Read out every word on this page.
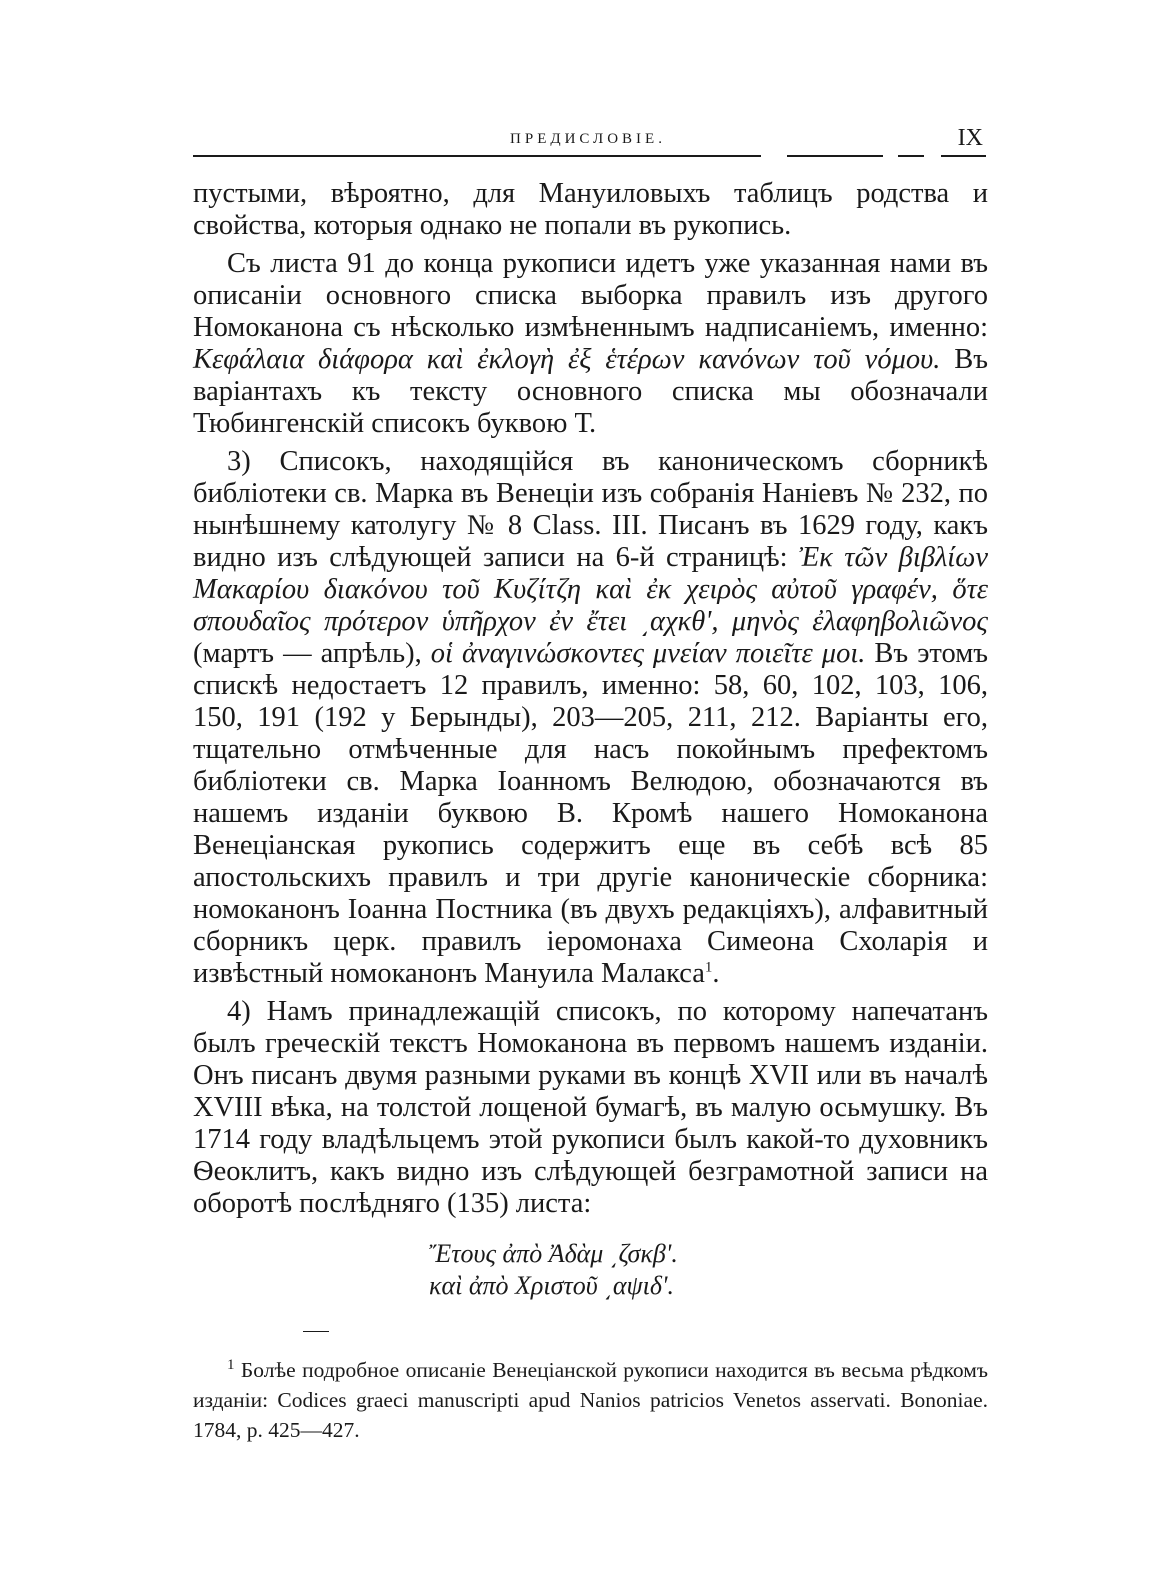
ПРЕДИСЛОВІЕ.	IX

пустыми, вѣроятно, для Мануиловыхъ таблицъ родства и свойства, которыя однако не попали въ рукопись.

Съ листа 91 до конца рукописи идетъ уже указанная нами въ описаніи основного списка выборка правилъ изъ другого Номоканона съ нѣсколько измѣненнымъ надписаніемъ, именно: Κεφάλαια διάφορα καὶ ἐκλογὴ ἐξ ἑτέρων κανόνων τοῦ νόμου. Въ варіантахъ къ тексту основного списка мы обозначали Тюбингенскій списокъ буквою Т.

3) Списокъ, находящійся въ каноническомъ сборникѣ библіотеки св. Марка въ Венеціи изъ собранія Наніевъ № 232, по нынѣшнему католугу № 8 Class. III. Писанъ въ 1629 году, какъ видно изъ слѣдующей записи на 6-й страницѣ: Ἐκ τῶν βιβλίων Μακαρίου διακόνου τοῦ Κυζίτζη καὶ ἐκ χειρὸς αὐτοῦ γραφέν, ὅτε σπουδαῖος πρότερον ὑπῆρχον ἐν ἔτει ͵αχκθ', μηνὸς ἐλαφηβολιῶνος (мартъ — апрѣль), οἱ ἀναγινώσκοντες μνείαν ποιεῖτε μοι. Въ этомъ спискѣ недостаетъ 12 правилъ, именно: 58, 60, 102, 103, 106, 150, 191 (192 у Берынды), 203—205, 211, 212. Варіанты его, тщательно отмѣченные для насъ покойнымъ префектомъ библіотеки св. Марка Іоанномъ Велюдою, обозначаются въ нашемъ изданіи буквою В. Кромѣ нашего Номоканона Венеціанская рукопись содержитъ еще въ себѣ всѣ 85 апостольскихъ правилъ и три другіе каноническіе сборника: номоканонъ Іоанна Постника (въ двухъ редакціяхъ), алфавитный сборникъ церк. правилъ іеромонаха Симеона Схоларія и извѣстный номоканонъ Мануила Малакса$^1$.

4) Намъ принадлежащій списокъ, по которому напечатанъ былъ греческій текстъ Номоканона въ первомъ нашемъ изданіи. Онъ писанъ двумя разными руками въ концѣ XVII или въ началѣ XVIII вѣка, на толстой лощеной бумагѣ, въ малую осьмушку. Въ 1714 году владѣльцемъ этой рукописи былъ какой-то духовникъ Ѳеоклитъ, какъ видно изъ слѣдующей безграмотной записи на оборотѣ послѣдняго (135) листа:

Ἔτους ἀπὸ Ἀδὰμ ͵ζσκβ'.
καὶ ἀπὸ Χριστοῦ ͵αψιδ'.

$^1$ Болѣе подробное описаніе Венеціанской рукописи находится въ весьма рѣдкомъ изданіи: Codices graeci manuscripti apud Nanios patricios Venetos asservati. Bononiae. 1784, p. 425—427.
